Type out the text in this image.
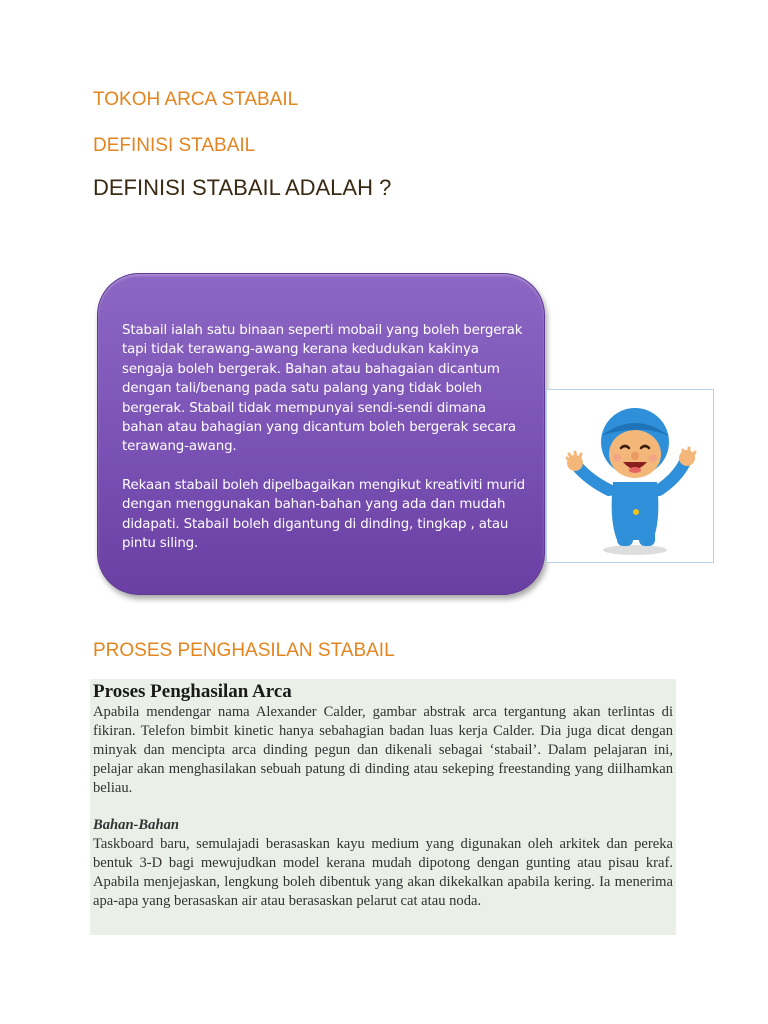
TOKOH ARCA STABAIL
DEFINISI STABAIL
DEFINISI STABAIL ADALAH ?

Stabail ialah satu binaan seperti mobail yang boleh bergerak tapi tidak terawang-awang kerana kedudukan kakinya sengaja boleh bergerak. Bahan atau bahagaian dicantum dengan tali/benang pada satu palang yang tidak boleh bergerak. Stabail tidak mempunyai sendi-sendi dimana bahan atau bahagian yang dicantum boleh bergerak secara terawang-awang.

Rekaan stabail boleh dipelbagaikan mengikut kreativiti murid dengan menggunakan bahan-bahan yang ada dan mudah didapati. Stabail boleh digantung di dinding, tingkap , atau pintu siling.

PROSES PENGHASILAN STABAIL
Proses Penghasilan Arca

Apabila mendengar nama Alexander Calder, gambar abstrak arca tergantung akan terlintas di fikiran. Telefon bimbit kinetic hanya sebahagian badan luas kerja Calder. Dia juga dicat dengan minyak dan mencipta arca dinding pegun dan dikenali sebagai ‘stabail’. Dalam pelajaran ini, pelajar akan menghasilakan sebuah patung di dinding atau sekeping freestanding yang diilhamkan beliau.

Bahan-Bahan

Taskboard baru, semulajadi berasaskan kayu medium yang digunakan oleh arkitek dan pereka bentuk 3-D bagi mewujudkan model kerana mudah dipotong dengan gunting atau pisau kraf. Apabila menjejaskan, lengkung boleh dibentuk yang akan dikekalkan apabila kering. Ia menerima apa-apa yang berasaskan air atau berasaskan pelarut cat atau noda.
